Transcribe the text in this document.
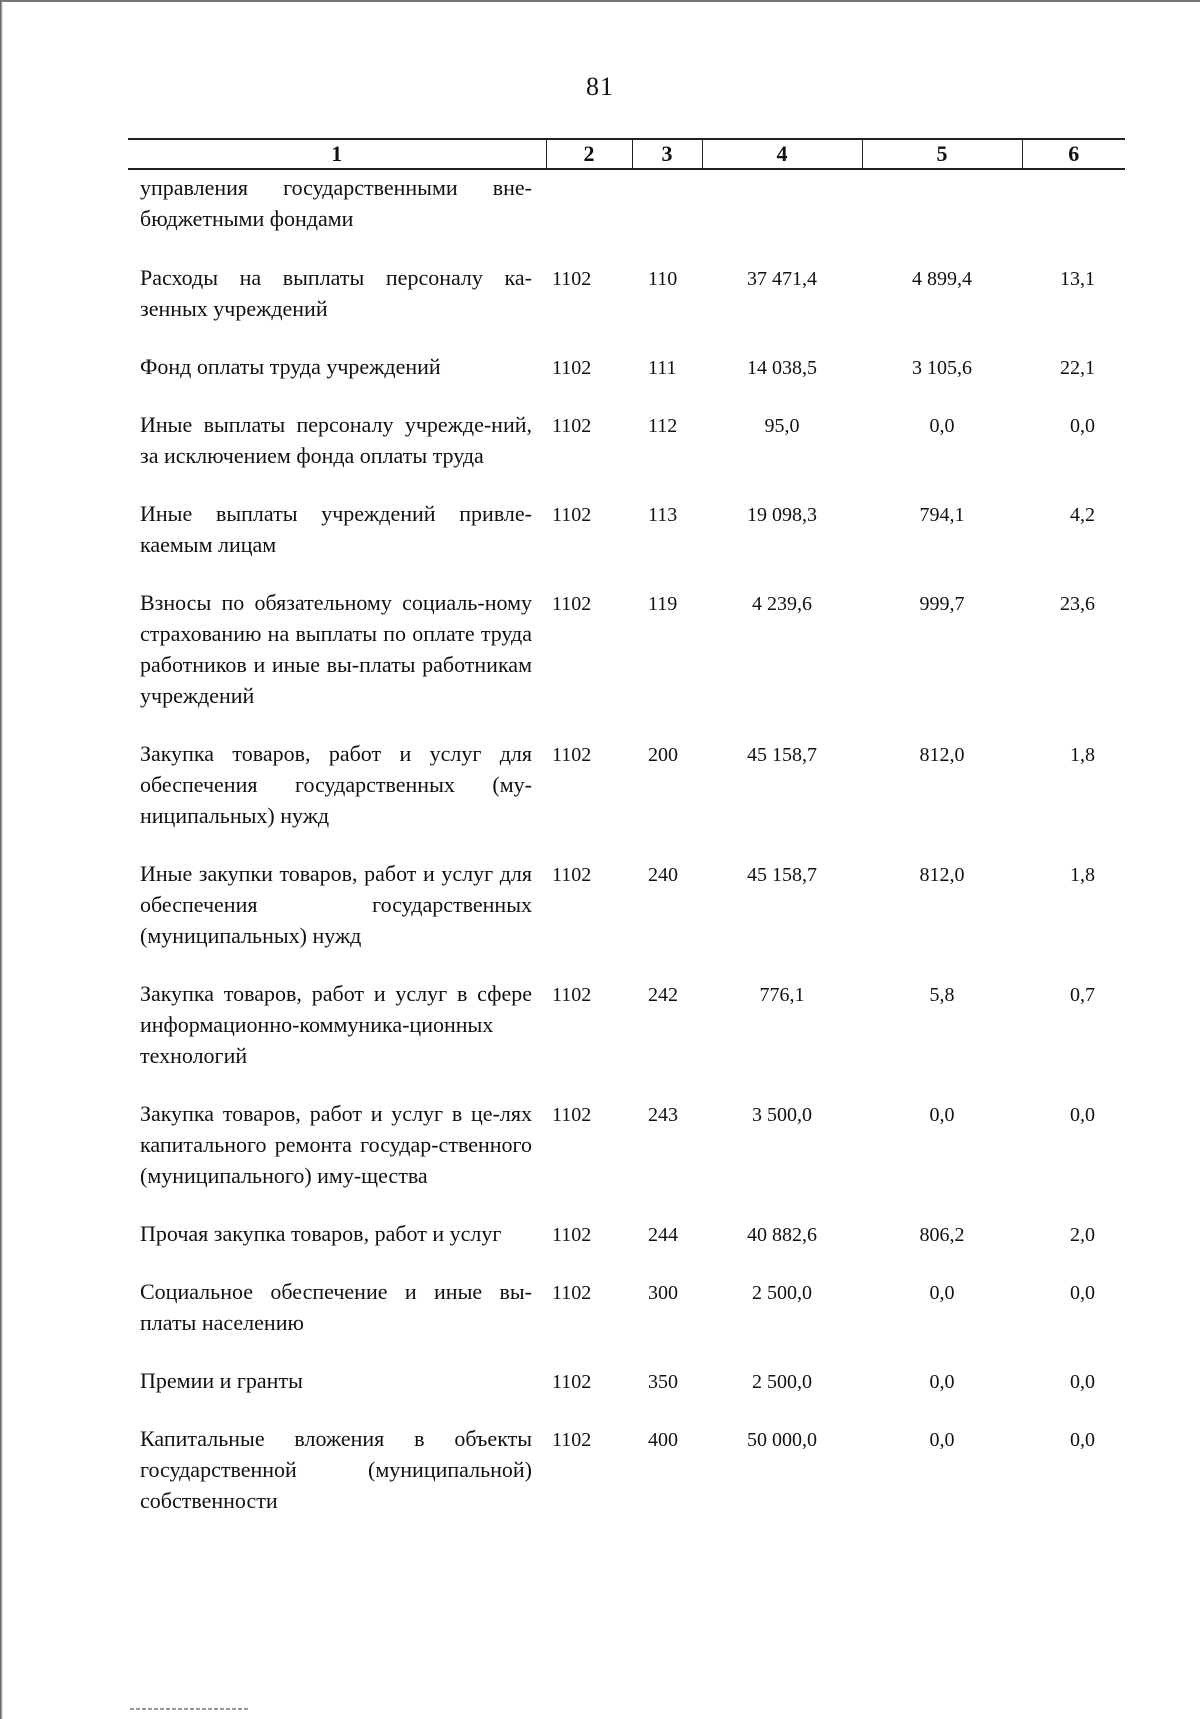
81
1	2	3	4	5	6
управления государственными вне-бюджетными фондами					
Расходы на выплаты персоналу ка-зенных учреждений	1102	110	37 471,4	4 899,4	13,1
Фонд оплаты труда учреждений	1102	111	14 038,5	3 105,6	22,1
Иные выплаты персоналу учрежде-ний, за исключением фонда оплаты труда	1102	112	95,0	0,0	0,0
Иные выплаты учреждений привле-каемым лицам	1102	113	19 098,3	794,1	4,2
Взносы по обязательному социаль-ному страхованию на выплаты по оплате труда работников и иные вы-платы работникам учреждений	1102	119	4 239,6	999,7	23,6
Закупка товаров, работ и услуг для обеспечения государственных (му-ниципальных) нужд	1102	200	45 158,7	812,0	1,8
Иные закупки товаров, работ и услуг для обеспечения государственных (муниципальных) нужд	1102	240	45 158,7	812,0	1,8
Закупка товаров, работ и услуг в сфере информационно-коммуника-ционных технологий	1102	242	776,1	5,8	0,7
Закупка товаров, работ и услуг в це-лях капитального ремонта государ-ственного (муниципального) иму-щества	1102	243	3 500,0	0,0	0,0
Прочая закупка товаров, работ и услуг	1102	244	40 882,6	806,2	2,0
Социальное обеспечение и иные вы-платы населению	1102	300	2 500,0	0,0	0,0
Премии и гранты	1102	350	2 500,0	0,0	0,0
Капитальные вложения в объекты государственной (муниципальной) собственности	1102	400	50 000,0	0,0	0,0
